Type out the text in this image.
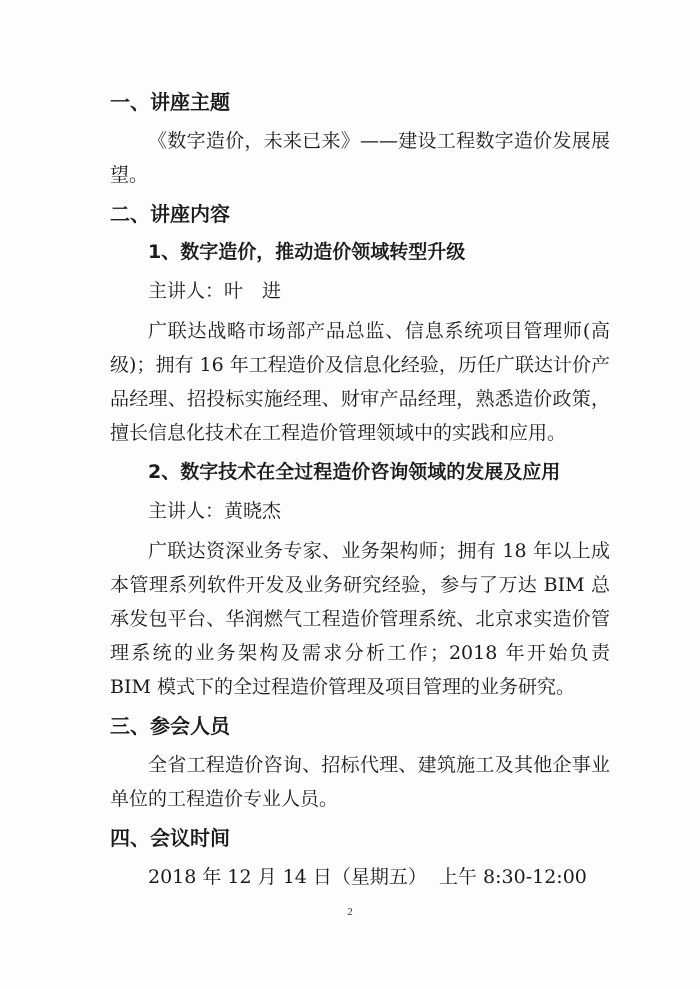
一、讲座主题

《数字造价，未来已来》——建设工程数字造价发展展望。

二、讲座内容

1、数字造价，推动造价领域转型升级

主讲人：叶　进

广联达战略市场部产品总监、信息系统项目管理师(高级)；拥有 16 年工程造价及信息化经验，历任广联达计价产品经理、招投标实施经理、财审产品经理，熟悉造价政策，擅长信息化技术在工程造价管理领域中的实践和应用。

2、数字技术在全过程造价咨询领域的发展及应用

主讲人：黄晓杰

广联达资深业务专家、业务架构师；拥有 18 年以上成本管理系列软件开发及业务研究经验，参与了万达 BIM 总承发包平台、华润燃气工程造价管理系统、北京求实造价管理系统的业务架构及需求分析工作；2018 年开始负责 BIM 模式下的全过程造价管理及项目管理的业务研究。

三、参会人员

全省工程造价咨询、招标代理、建筑施工及其他企事业单位的工程造价专业人员。

四、会议时间

2018 年 12 月 14 日（星期五）  上午 8:30-12:00

2
